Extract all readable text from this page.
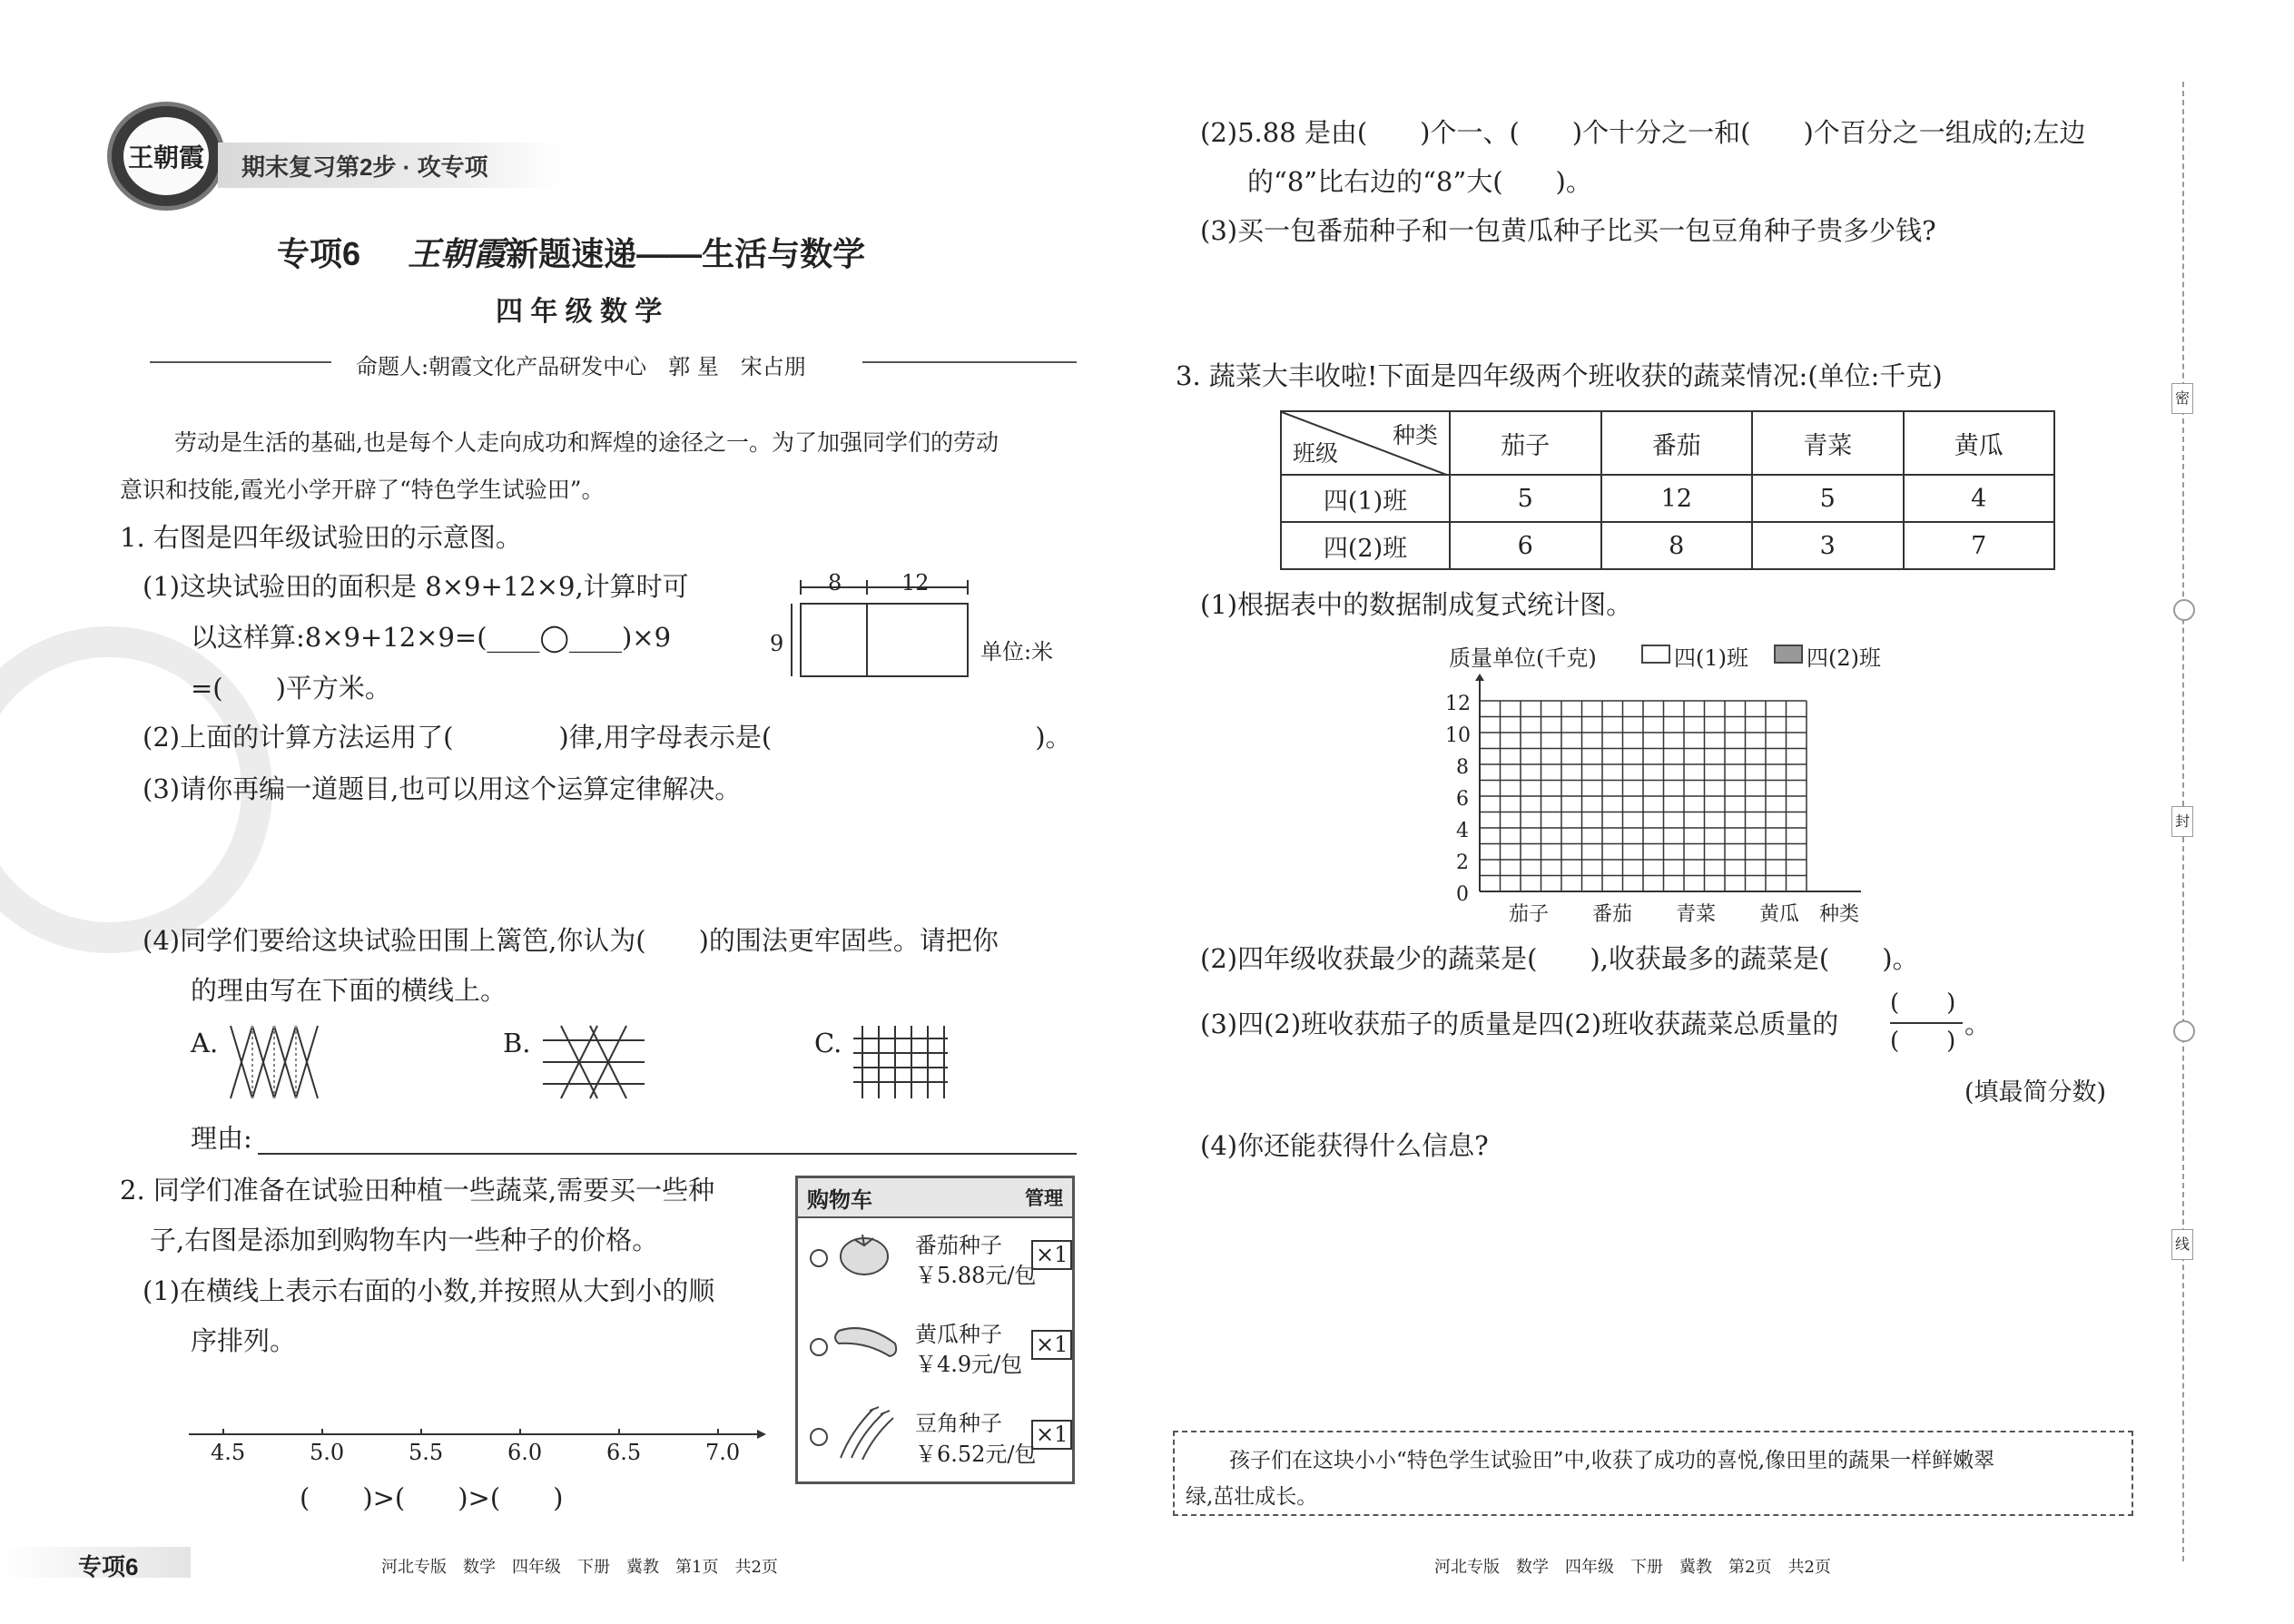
王朝霞 期末复习第2步 · 攻专项
专项6 王朝霞新题速递——生活与数学
四 年 级 数 学
命题人:朝霞文化产品研发中心　郭 星　宋占朋
劳动是生活的基础,也是每个人走向成功和辉煌的途径之一。为了加强同学们的劳动
意识和技能,霞光小学开辟了“特色学生试验田”。
1. 右图是四年级试验田的示意图。
(1)这块试验田的面积是 8×9+12×9,计算时可
以这样算:8×9+12×9=(____◯____)×9
=(　　)平方米。
8	12
9	单位:米
(2)上面的计算方法运用了(　　　　)律,用字母表示是(　　　　　　　　　　)。
(3)请你再编一道题目,也可以用这个运算定律解决。
(4)同学们要给这块试验田围上篱笆,你认为(　　)的围法更牢固些。请把你
的理由写在下面的横线上。
A.	B.	C.
理由:
2. 同学们准备在试验田种植一些蔬菜,需要买一些种
子,右图是添加到购物车内一些种子的价格。
(1)在横线上表示右面的小数,并按照从大到小的顺
序排列。
购物车	管理
番茄种子
￥5.88元/包
×1
黄瓜种子
￥4.9元/包
×1
豆角种子
￥6.52元/包
×1
4.5	5.0	5.5	6.0	6.5	7.0
(　　)>(　　)>(　　)
专项6	河北专版　数学　四年级　下册　冀教　第1页　共2页
(2)5.88 是由(　　)个一、(　　)个十分之一和(　　)个百分之一组成的;左边
的“8”比右边的“8”大(　　)。
(3)买一包番茄种子和一包黄瓜种子比买一包豆角种子贵多少钱?
3. 蔬菜大丰收啦!下面是四年级两个班收获的蔬菜情况:(单位:千克)
种类
班级	茄子	番茄	青菜	黄瓜
四(1)班	5	12	5	4
四(2)班	6	8	3	7
(1)根据表中的数据制成复式统计图。
质量单位(千克)	四(1)班	四(2)班
12
10
8
6
4
2
0
茄子 番茄 青菜 黄瓜 种类
(2)四年级收获最少的蔬菜是(　　),收获最多的蔬菜是(　　)。
(3)四(2)班收获茄子的质量是四(2)班收获蔬菜总质量的
(　　)
(　　)
。
(填最简分数)
(4)你还能获得什么信息?
孩子们在这块小小“特色学生试验田”中,收获了成功的喜悦,像田里的蔬果一样鲜嫩翠
绿,茁壮成长。
河北专版　数学　四年级　下册　冀教　第2页　共2页
密
封
线
